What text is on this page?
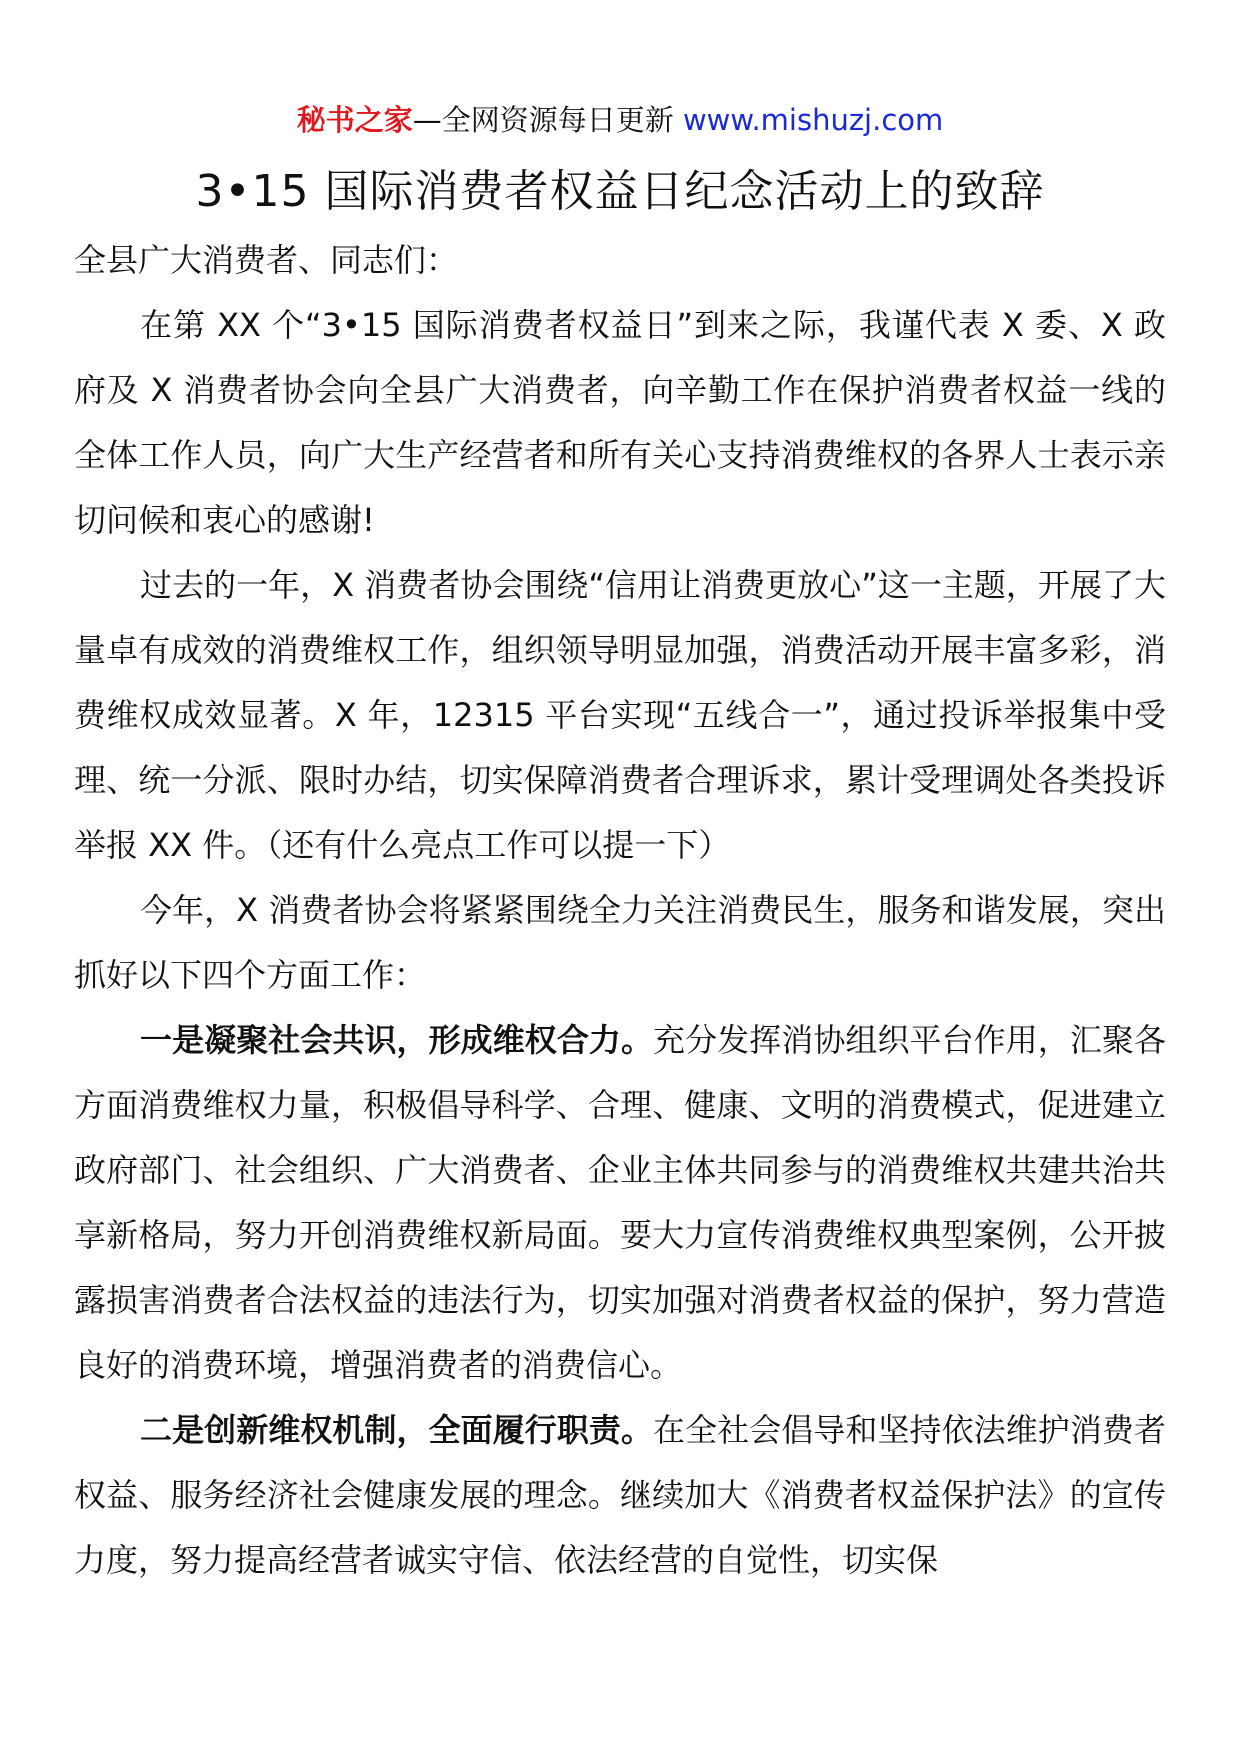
秘书之家—全网资源每日更新 www.mishuzj.com
3•15 国际消费者权益日纪念活动上的致辞

全县广大消费者、同志们：

在第 XX 个“3•15 国际消费者权益日”到来之际，我谨代表 X 委、X 政府及 X 消费者协会向全县广大消费者，向辛勤工作在保护消费者权益一线的全体工作人员，向广大生产经营者和所有关心支持消费维权的各界人士表示亲切问候和衷心的感谢!

过去的一年，X 消费者协会围绕“信用让消费更放心”这一主题，开展了大量卓有成效的消费维权工作，组织领导明显加强，消费活动开展丰富多彩，消费维权成效显著。X 年，12315 平台实现“五线合一”，通过投诉举报集中受理、统一分派、限时办结，切实保障消费者合理诉求，累计受理调处各类投诉举报 XX 件。（还有什么亮点工作可以提一下）

今年，X 消费者协会将紧紧围绕全力关注消费民生，服务和谐发展，突出抓好以下四个方面工作：

一是凝聚社会共识，形成维权合力。充分发挥消协组织平台作用，汇聚各方面消费维权力量，积极倡导科学、合理、健康、文明的消费模式，促进建立政府部门、社会组织、广大消费者、企业主体共同参与的消费维权共建共治共享新格局，努力开创消费维权新局面。要大力宣传消费维权典型案例，公开披露损害消费者合法权益的违法行为，切实加强对消费者权益的保护，努力营造良好的消费环境，增强消费者的消费信心。

二是创新维权机制，全面履行职责。在全社会倡导和坚持依法维护消费者权益、服务经济社会健康发展的理念。继续加大《消费者权益保护法》的宣传力度，努力提高经营者诚实守信、依法经营的自觉性，切实保
